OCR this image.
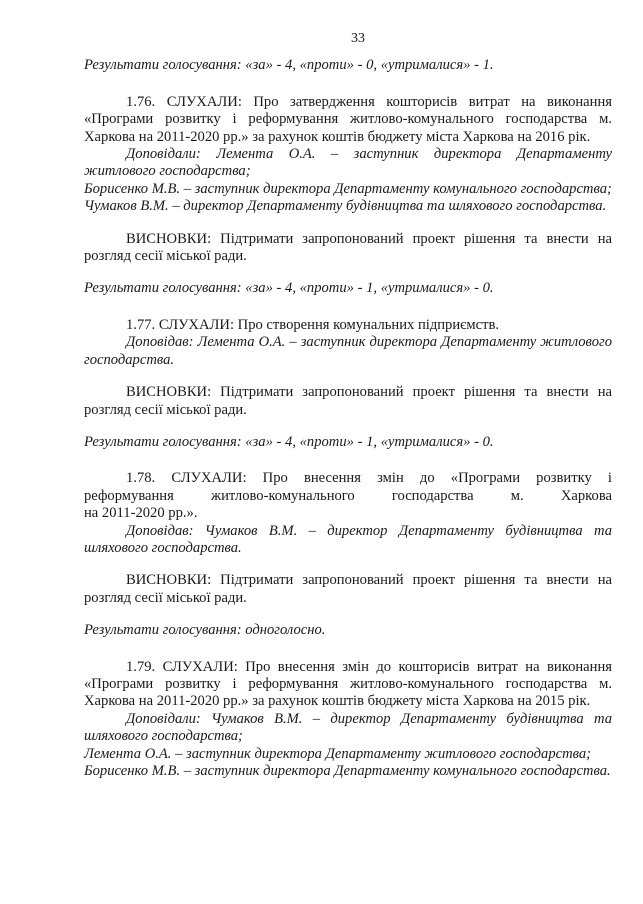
33

Результати голосування: «за» - 4, «проти» - 0, «утрималися» - 1.

1.76. СЛУХАЛИ: Про затвердження кошторисів витрат на виконання «Програми розвитку і реформування житлово-комунального господарства м. Харкова на 2011-2020 рр.» за рахунок коштів бюджету міста Харкова на 2016 рік.

Доповідали: Лемента О.А. – заступник директора Департаменту житлового господарства;

Борисенко М.В. – заступник директора Департаменту комунального господарства;

Чумаков В.М. – директор Департаменту будівництва та шляхового господарства.

ВИСНОВКИ: Підтримати запропонований проект рішення та внести на розгляд сесії міської ради.

Результати голосування: «за» - 4, «проти» - 1, «утрималися» - 0.

1.77. СЛУХАЛИ: Про створення комунальних підприємств.

Доповідав: Лемента О.А. – заступник директора Департаменту житлового господарства.

ВИСНОВКИ: Підтримати запропонований проект рішення та внести на розгляд сесії міської ради.

Результати голосування: «за» - 4, «проти» - 1, «утрималися» - 0.

1.78. СЛУХАЛИ: Про внесення змін до «Програми розвитку і

реформування житлово-комунального господарства м. Харкова

на 2011-2020 рр.».

Доповідав: Чумаков В.М. – директор Департаменту будівництва та шляхового господарства.

ВИСНОВКИ: Підтримати запропонований проект рішення та внести на розгляд сесії міської ради.

Результати голосування: одноголосно.

1.79. СЛУХАЛИ: Про внесення змін до кошторисів витрат на виконання «Програми розвитку і реформування житлово-комунального господарства м. Харкова на 2011-2020 рр.» за рахунок коштів бюджету міста Харкова на 2015 рік.

Доповідали: Чумаков В.М. – директор Департаменту будівництва та шляхового господарства;

Лемента О.А. – заступник директора Департаменту житлового господарства;

Борисенко М.В. – заступник директора Департаменту комунального господарства.
